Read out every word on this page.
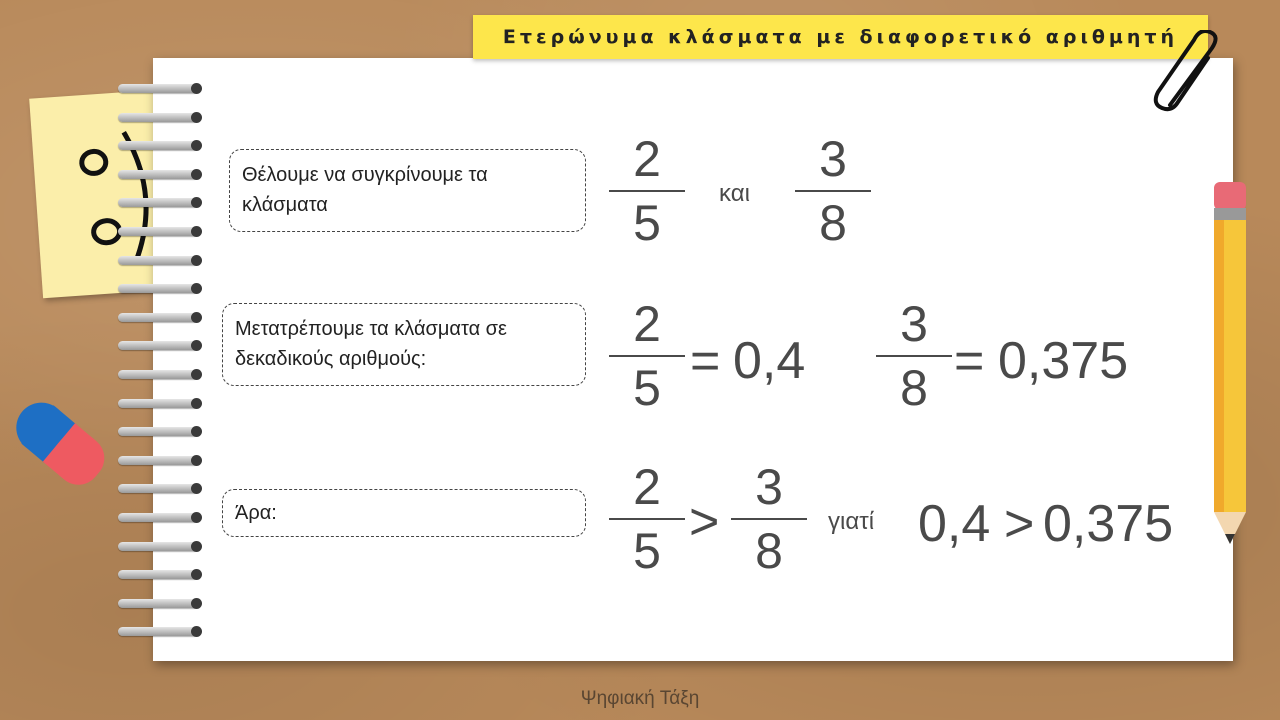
Ετερώνυμα κλάσματα με διαφορετικό αριθμητή
Θέλουμε να συγκρίνουμε τα κλάσματα
2
5
και
3
8
Μετατρέπουμε τα κλάσματα σε δεκαδικούς αριθμούς:
2
5 = 0,4
3
8 = 0,375
Άρα:	2
5 >
3
8
γιατί 0,4 > 0,375
Ψηφιακή Τάξη
